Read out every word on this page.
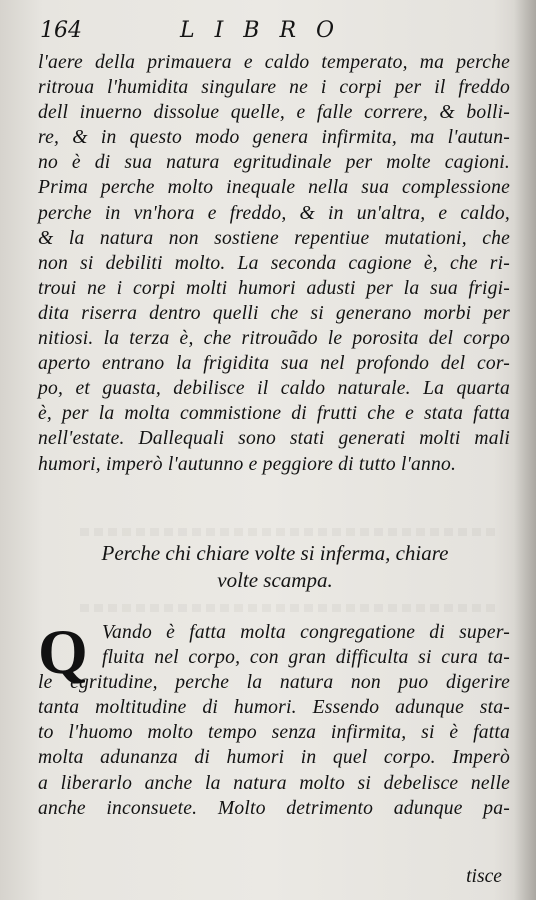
164	LIBRO
l'aere della primauera e caldo temperato, ma perche
ritroua l'humidita singulare ne i corpi per il freddo
dell inuerno dissolue quelle, e falle correre, & bolli-
re, & in questo modo genera infirmita, ma l'autun-
no è di sua natura egritudinale per molte cagioni.
Prima perche molto inequale nella sua complessione
perche in vn'hora e freddo, & in un'altra, e caldo,
& la natura non sostiene repentiue mutationi, che
non si debiliti molto. La seconda cagione è, che ri-
troui ne i corpi molti humori adusti per la sua frigi-
dita riserra dentro quelli che si generano morbi per
nitiosi. la terza è, che ritrouãdo le porosita del corpo
aperto entrano la frigidita sua nel profondo del cor-
po, et guasta, debilisce il caldo naturale. La quarta
è, per la molta commistione di frutti che e stata fatta
nell'estate. Dallequali sono stati generati molti mali
humori, imperò l'autunno e peggiore di tutto l'anno.
Perche chi chiare volte si inferma, chiare
volte scampa.
Q Vando è fatta molta congregatione di super-
fluita nel corpo, con gran difficulta si cura ta-
le egritudine, perche la natura non puo digerire
tanta moltitudine di humori. Essendo adunque sta-
to l'huomo molto tempo senza infirmita, si è fatta
molta adunanza di humori in quel corpo. Imperò
a liberarlo anche la natura molto si debelisce nelle
anche inconsuete. Molto detrimento adunque pa-
tisce
